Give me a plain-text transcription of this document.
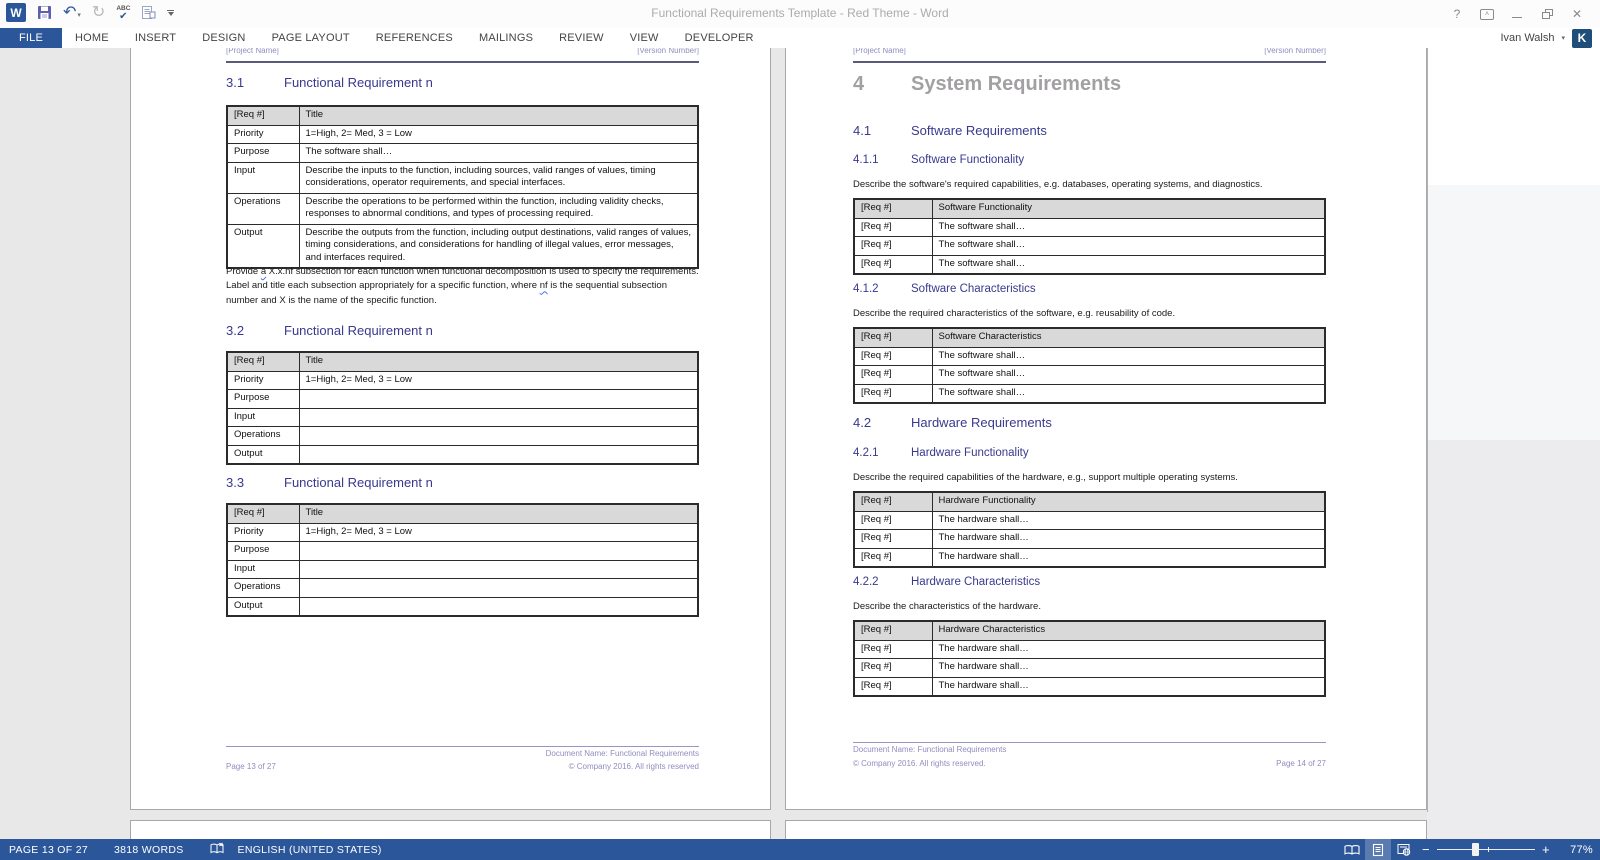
W	↶ ▾ ↻ ABC
✔	Functional Requirements Template - Red Theme - Word	?	˄	✕
FILE	HOME	INSERT	DESIGN	PAGE LAYOUT	REFERENCES	MAILINGS	REVIEW	VIEW	DEVELOPER	Ivan Walsh ▾	K
[Project Name]	[Version Number]
3.1	Functional Requirement n
[Req #]	Title
Priority	1=High, 2= Med, 3 = Low
Purpose	The software shall…
Input	Describe the inputs to the function, including sources, valid ranges of values, timing considerations, operator requirements, and special interfaces.
Operations	Describe the operations to be performed within the function, including validity checks, responses to abnormal conditions, and types of processing required.
Output	Describe the outputs from the function, including output destinations, valid ranges of values, timing considerations, and considerations for handling of illegal values, error messages, and interfaces required.
Provide a X.x.nf subsection for each function when functional decomposition is used to specify the requirements. Label and title each subsection appropriately for a specific function, where nf is the sequential subsection number and X is the name of the specific function.
3.2	Functional Requirement n
[Req #]	Title
Priority	1=High, 2= Med, 3 = Low
Purpose	
Input	
Operations	
Output	
3.3	Functional Requirement n
[Req #]	Title
Priority	1=High, 2= Med, 3 = Low
Purpose	
Input	
Operations	
Output	
Document Name: Functional Requirements
Page 13 of 27	© Company 2016. All rights reserved
[Project Name]	[Version Number]
4 System Requirements
4.1	Software Requirements
4.1.1	Software Functionality
Describe the software's required capabilities, e.g. databases, operating systems, and diagnostics.
[Req #]	Software Functionality
[Req #]	The software shall…
[Req #]	The software shall…
[Req #]	The software shall…
4.1.2	Software Characteristics
Describe the required characteristics of the software, e.g. reusability of code.
[Req #]	Software Characteristics
[Req #]	The software shall…
[Req #]	The software shall…
[Req #]	The software shall…
4.2	Hardware Requirements
4.2.1	Hardware Functionality
Describe the required capabilities of the hardware, e.g., support multiple operating systems.
[Req #]	Hardware Functionality
[Req #]	The hardware shall…
[Req #]	The hardware shall…
[Req #]	The hardware shall…
4.2.2	Hardware Characteristics
Describe the characteristics of the hardware.
[Req #]	Hardware Characteristics
[Req #]	The hardware shall…
[Req #]	The hardware shall…
[Req #]	The hardware shall…
Document Name: Functional Requirements
© Company 2016. All rights reserved.	Page 14 of 27
PAGE 13 OF 27 3818 WORDS	ENGLISH (UNITED STATES)	−	+	77%
